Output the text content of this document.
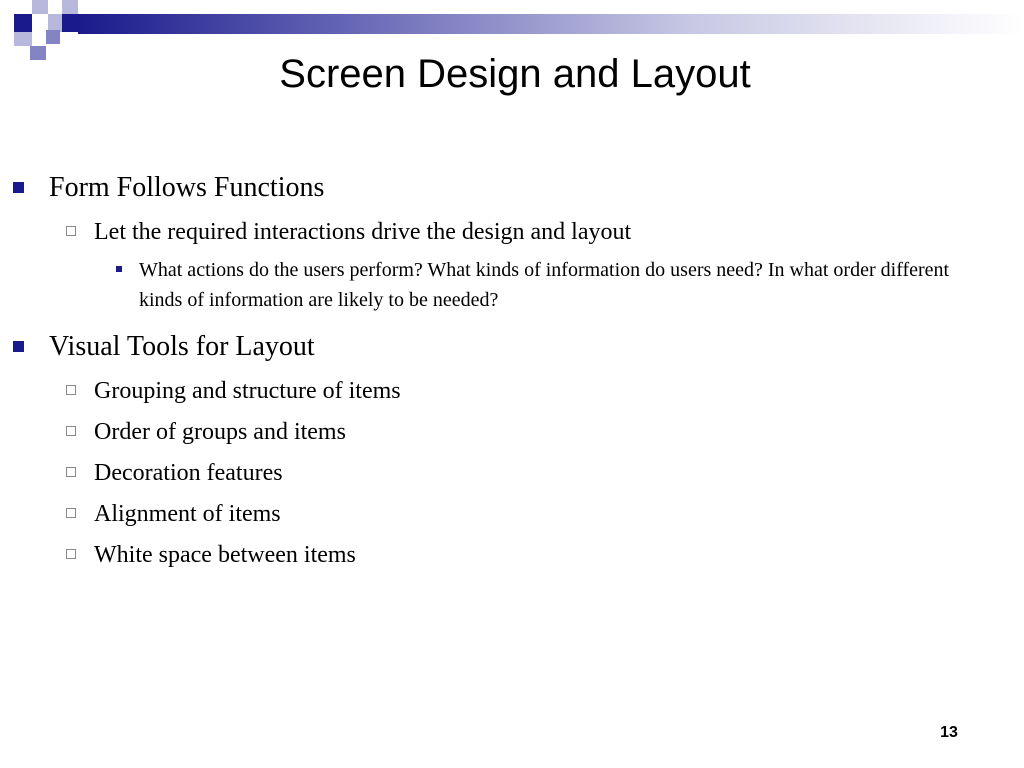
Screen Design and Layout
Form Follows Functions
Let the required interactions drive the design and layout
What actions do the users perform? What kinds of information do users need? In what order different kinds of information are likely to be needed?
Visual Tools for Layout
Grouping and structure of items
Order of groups and items
Decoration features
Alignment of items
White space between items
13
